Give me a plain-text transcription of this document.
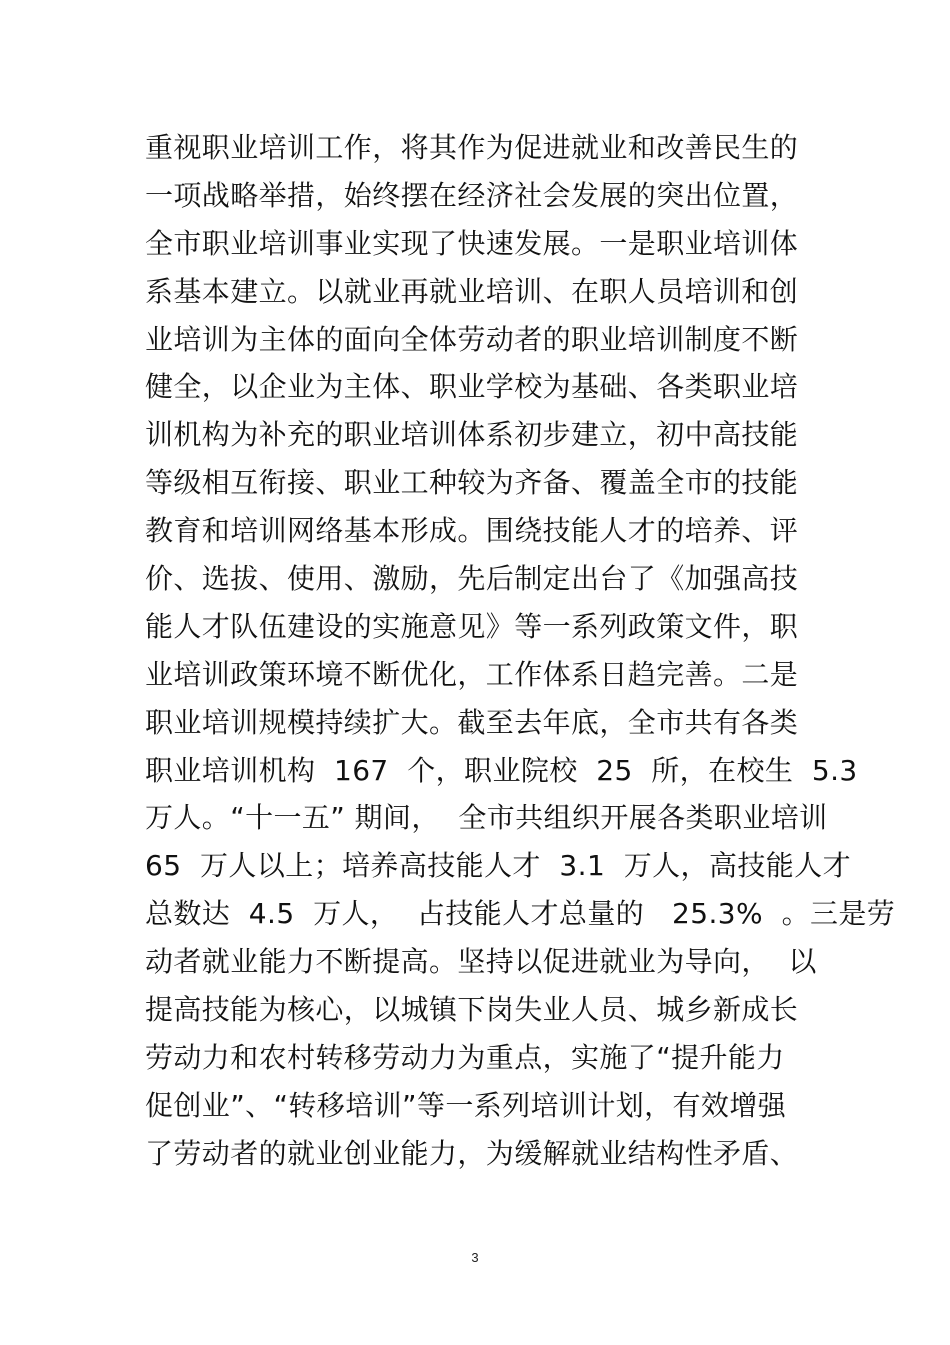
重视职业培训工作，将其作为促进就业和改善民生的
一项战略举措，始终摆在经济社会发展的突出位置，
全市职业培训事业实现了快速发展。一是职业培训体
系基本建立。以就业再就业培训、在职人员培训和创
业培训为主体的面向全体劳动者的职业培训制度不断
健全，以企业为主体、职业学校为基础、各类职业培
训机构为补充的职业培训体系初步建立，初中高技能
等级相互衔接、职业工种较为齐备、覆盖全市的技能
教育和培训网络基本形成。围绕技能人才的培养、评
价、选拔、使用、激励，先后制定出台了《加强高技
能人才队伍建设的实施意见》等一系列政策文件，职
业培训政策环境不断优化，工作体系日趋完善。二是
职业培训规模持续扩大。截至去年底，全市共有各类
职业培训机构  167  个，职业院校  25  所，在校生  5.3
万人。“十一五” 期间，  全市共组织开展各类职业培训
65  万人以上；培养高技能人才  3.1  万人，高技能人才
总数达  4.5  万人，  占技能人才总量的   25.3%  。三是劳
动者就业能力不断提高。坚持以促进就业为导向，  以
提高技能为核心，以城镇下岗失业人员、城乡新成长
劳动力和农村转移劳动力为重点，实施了“提升能力
促创业”、“转移培训”等一系列培训计划，有效增强
了劳动者的就业创业能力，为缓解就业结构性矛盾、
3
